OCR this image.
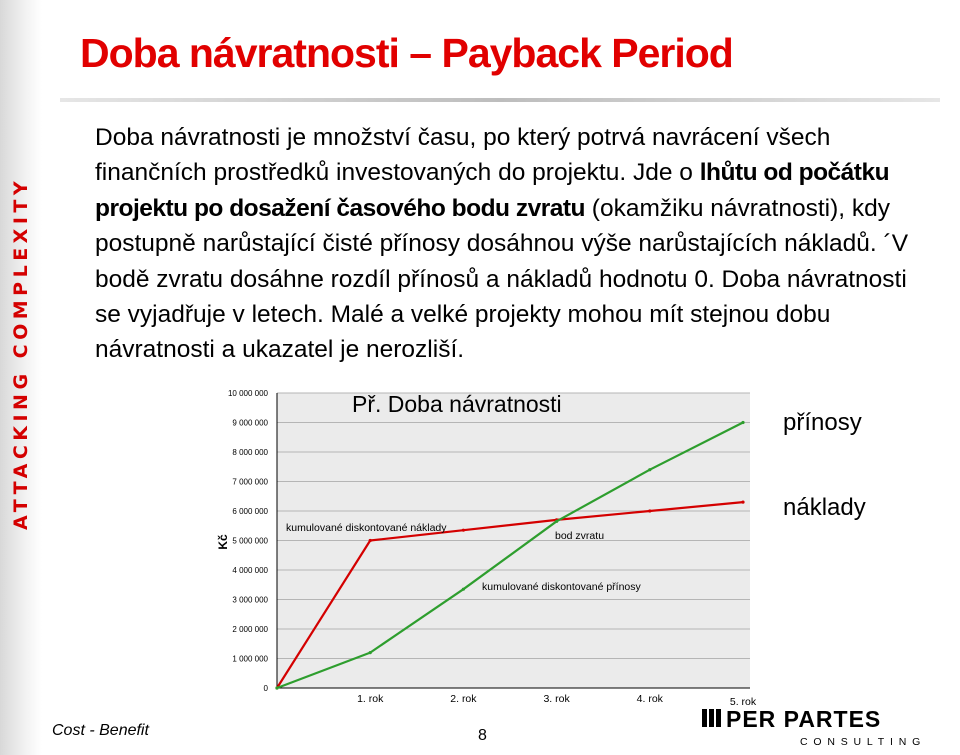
ATTACKING COMPLEXITY
Doba návratnosti – Payback Period
Doba návratnosti je množství času, po který potrvá navrácení všech finančních prostředků investovaných do projektu. Jde o lhůtu od počátku projektu po dosažení časového bodu zvratu (okamžiku návratnosti), kdy postupně narůstající čisté přínosy dosáhnou výše narůstajících nákladů. ´V bodě zvratu dosáhne rozdíl přínosů a nákladů hodnotu 0. Doba návratnosti se vyjadřuje v letech. Malé a velké projekty mohou mít stejnou dobu návratnosti a ukazatel je nerozliší.
0
1 000 000
2 000 000
3 000 000
4 000 000
5 000 000
6 000 000
7 000 000
8 000 000
9 000 000
10 000 000
1. rok	2. rok	3. rok	4. rok	5. rok
Kč
Př. Doba návratnosti
kumulované diskontované náklady
kumulované diskontované přínosy
bod zvratu
přínosy
náklady
Cost - Benefit	8
PER PARTES
CONSULTING
